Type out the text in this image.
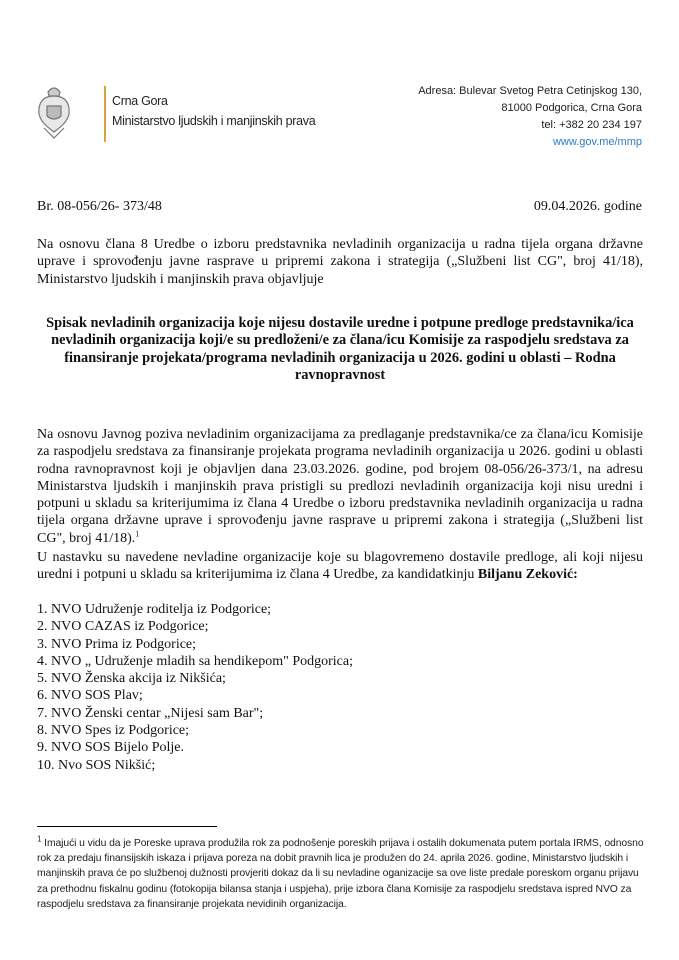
Crna Gora
Ministarstvo ljudskih i manjinskih prava
Adresa: Bulevar Svetog Petra Cetinjskog 130,
81000 Podgorica, Crna Gora
tel: +382 20 234 197
www.gov.me/mmp
Br. 08-056/26- 373/48	09.04.2026. godine
Na osnovu člana 8 Uredbe o izboru predstavnika nevladinih organizacija u radna tijela organa državne uprave i sprovođenju javne rasprave u pripremi zakona i strategija („Službeni list CG", broj 41/18), Ministarstvo ljudskih i manjinskih prava objavljuje
Spisak nevladinih organizacija koje nijesu dostavile uredne i potpune predloge predstavnika/ica nevladinih organizacija koji/e su predloženi/e za člana/icu Komisije za raspodjelu sredstava za finansiranje projekata/programa nevladinih organizacija u 2026. godini u oblasti – Rodna ravnopravnost
Na osnovu Javnog poziva nevladinim organizacijama za predlaganje predstavnika/ce za člana/icu Komisije za raspodjelu sredstava za finansiranje projekata programa nevladinih organizacija u 2026. godini u oblasti rodna ravnopravnost koji je objavljen dana 23.03.2026. godine, pod brojem 08-056/26-373/1, na adresu Ministarstva ljudskih i manjinskih prava pristigli su predlozi nevladinih organizacija koji nisu uredni i potpuni u skladu sa kriterijumima iz člana 4 Uredbe o izboru predstavnika nevladinih organizacija u radna tijela organa državne uprave i sprovođenju javne rasprave u pripremi zakona i strategija („Službeni list CG", broj 41/18).$^1$
U nastavku su navedene nevladine organizacije koje su blagovremeno dostavile predloge, ali koji nijesu uredni i potpuni u skladu sa kriterijumima iz člana 4 Uredbe, za kandidatkinju Biljanu Zeković:
1. NVO Udruženje roditelja iz Podgorice;
2. NVO CAZAS iz Podgorice;
3. NVO Prima iz Podgorice;
4. NVO „ Udruženje mladih sa hendikepom" Podgorica;
5. NVO Ženska akcija iz Nikšića;
6. NVO SOS Plav;
7. NVO Ženski centar „Nijesi sam Bar";
8. NVO Spes iz Podgorice;
9. NVO SOS Bijelo Polje.
10. Nvo SOS Nikšić;
$^1$ Imajući u vidu da je Poreske uprava produžila rok za podnošenje poreskih prijava i ostalih dokumenata putem portala IRMS, odnosno rok za predaju finansijskih iskaza i prijava poreza na dobit pravnih lica je produžen do 24. aprila 2026. godine, Ministarstvo ljudskih i manjinskih prava će po službenoj dužnosti provjeriti dokaz da li su nevladine oganizacije sa ove liste predale poreskom organu prijavu za prethodnu fiskalnu godinu (fotokopija bilansa stanja i uspjeha), prije izbora člana Komisije za raspodjelu sredstava ispred NVO za raspodjelu sredstava za finansiranje projekata nevidinih organizacija.
